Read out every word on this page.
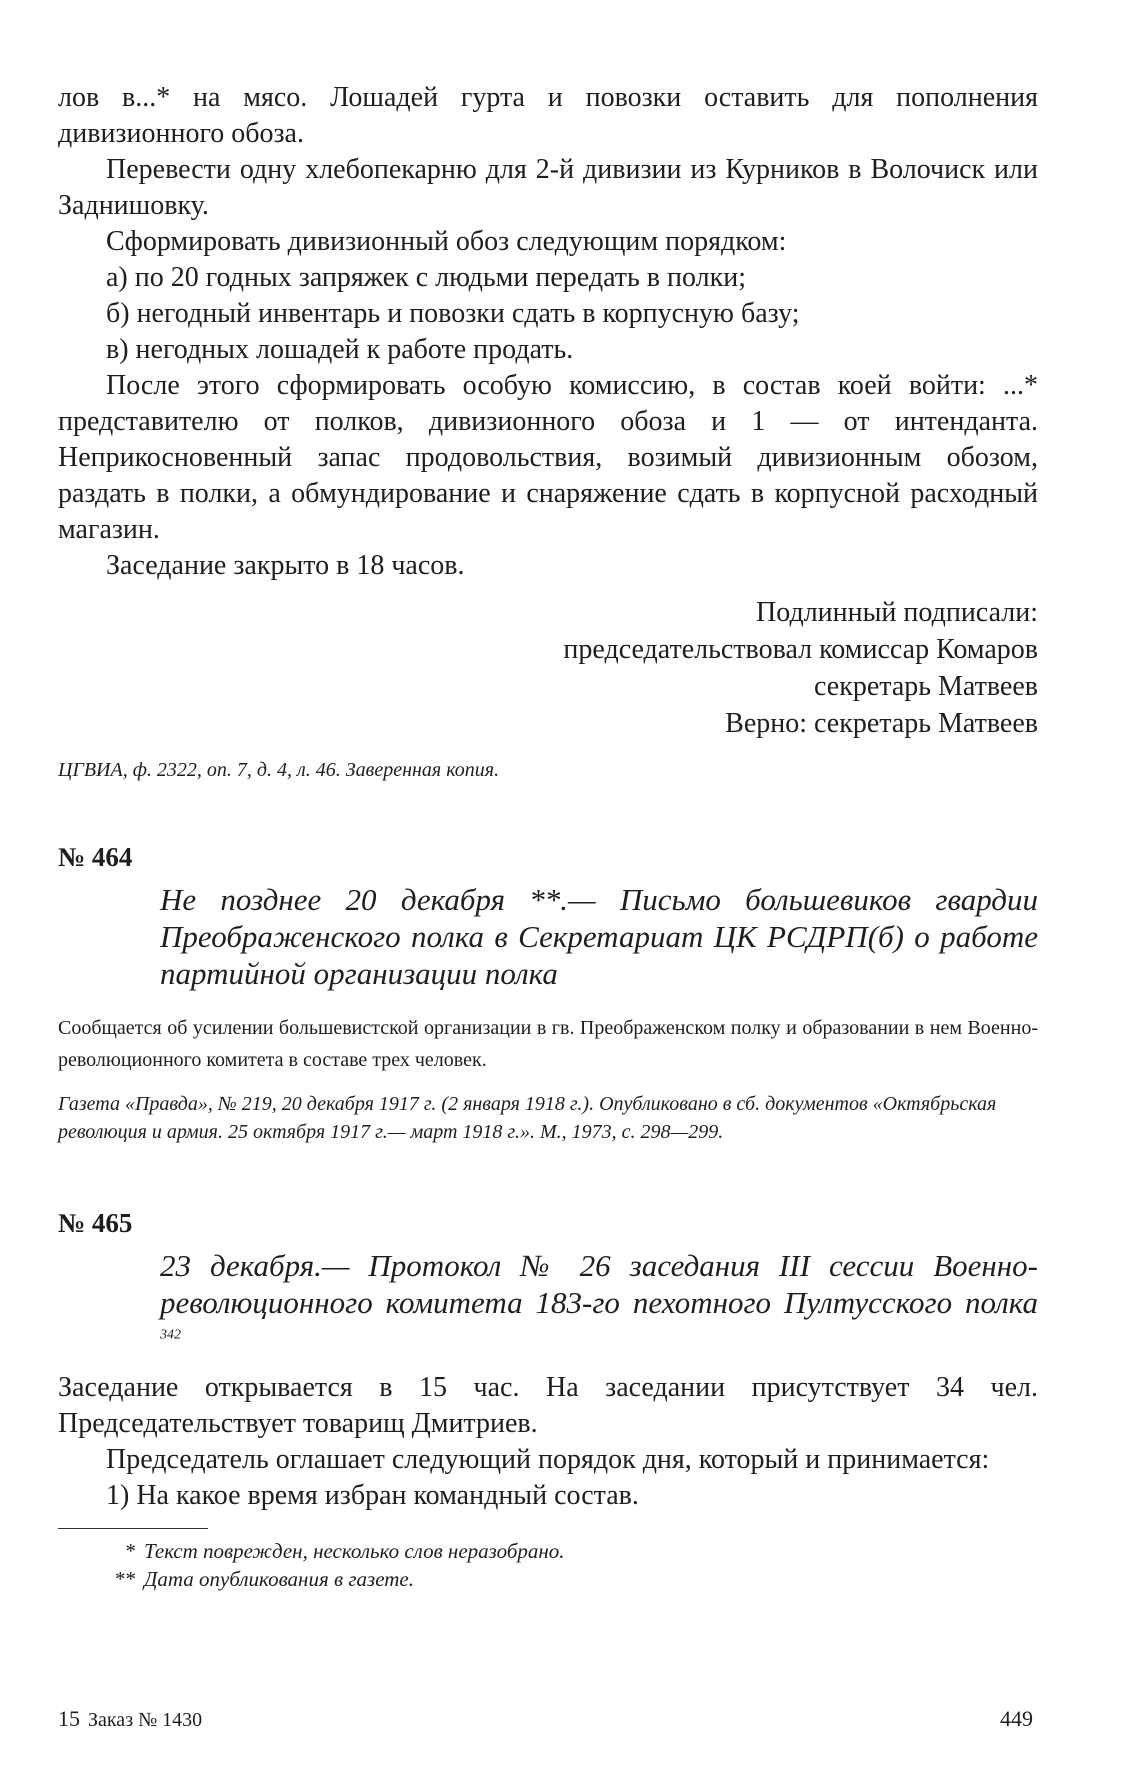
лов в...* на мясо. Лошадей гурта и повозки оставить для пополнения дивизионного обоза.

Перевести одну хлебопекарню для 2-й дивизии из Курников в Волочиск или Заднишовку.

Сформировать дивизионный обоз следующим порядком:

а) по 20 годных запряжек с людьми передать в полки;

б) негодный инвентарь и повозки сдать в корпусную базу;

в) негодных лошадей к работе продать.

После этого сформировать особую комиссию, в состав коей войти: ...* представителю от полков, дивизионного обоза и 1 — от интенданта. Неприкосновенный запас продовольствия, возимый дивизионным обозом, раздать в полки, а обмундирование и снаряжение сдать в корпусной расходный магазин.

Заседание закрыто в 18 часов.

Подлинный подписали:
председательствовал комиссар Комаров
секретарь Матвеев
Верно: секретарь Матвеев

ЦГВИА, ф. 2322, оп. 7, д. 4, л. 46. Заверенная копия.

№ 464

Не позднее 20 декабря **.— Письмо большевиков гвардии Преображенского полка в Секретариат ЦК РСДРП(б) о работе партийной организации полка

Сообщается об усилении большевистской организации в гв. Преображенском полку и образовании в нем Военно-революционного комитета в составе трех человек.

Газета «Правда», № 219, 20 декабря 1917 г. (2 января 1918 г.). Опубликовано в сб. документов «Октябрьская революция и армия. 25 октября 1917 г.— март 1918 г.». М., 1973, с. 298—299.

№ 465

23 декабря.— Протокол № 26 заседания III сессии Военно-революционного комитета 183-го пехотного Пултусского полка $^{342}$

Заседание открывается в 15 час. На заседании присутствует 34 чел. Председательствует товарищ Дмитриев.

Председатель оглашает следующий порядок дня, который и принимается:

1) На какое время избран командный состав.

* Текст поврежден, несколько слов неразобрано.
** Дата опубликования в газете.
15 Заказ № 1430	449
